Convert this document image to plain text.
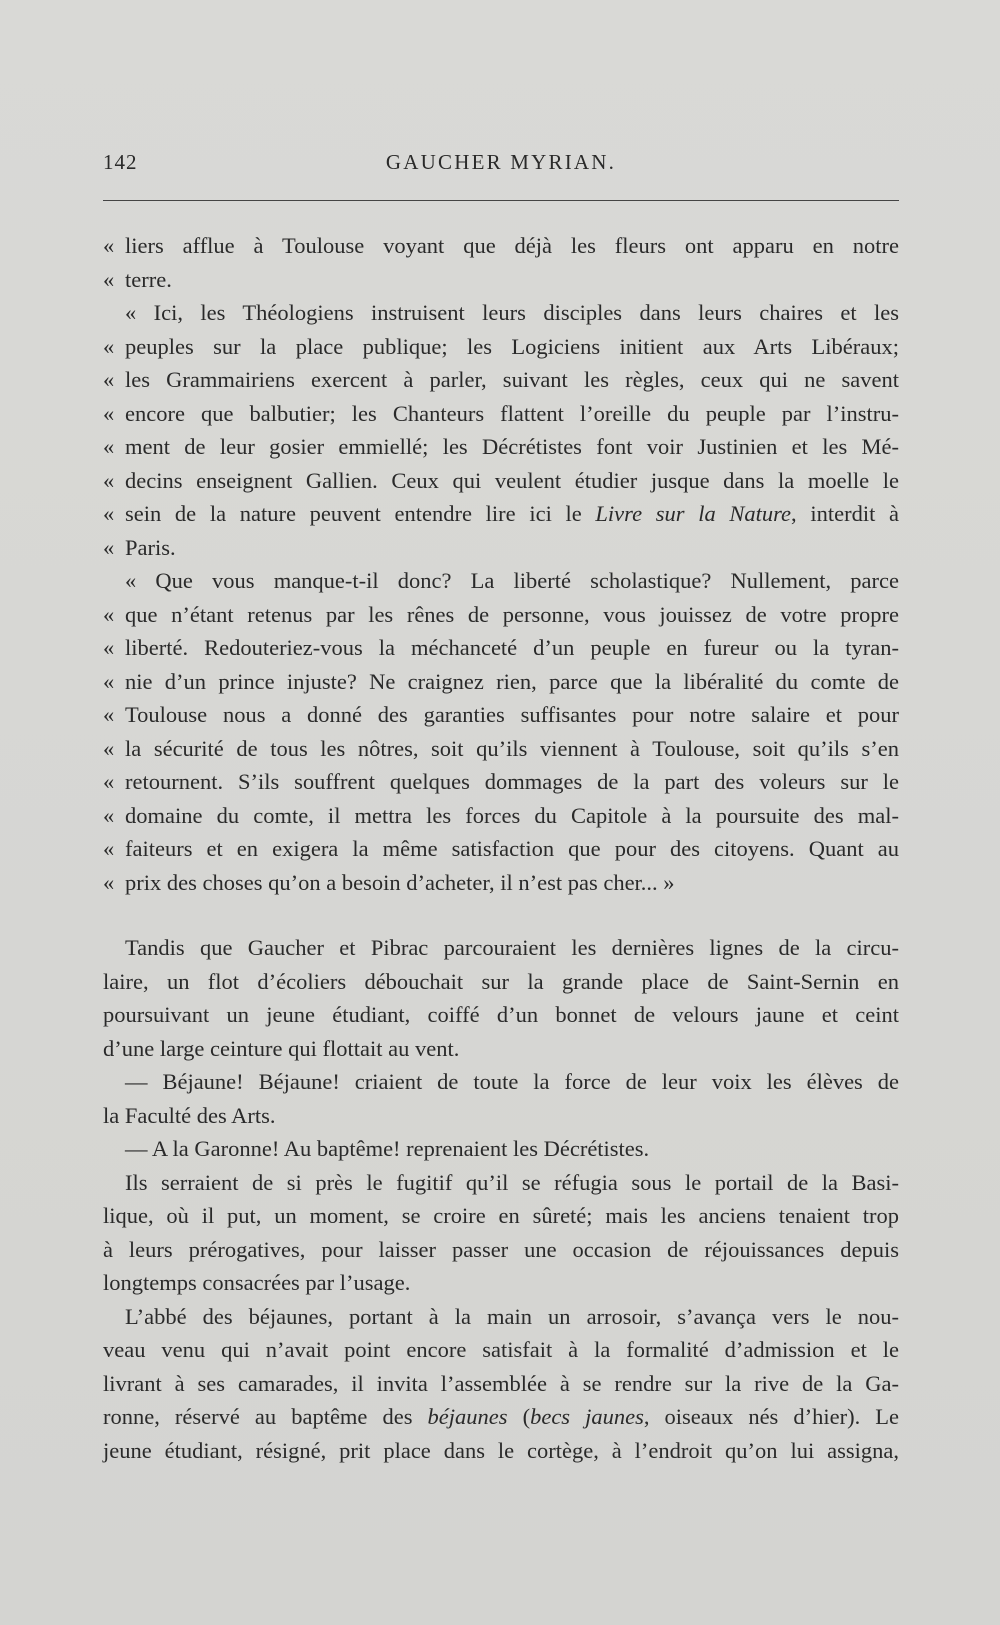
142	GAUCHER MYRIAN.
« liers afflue à Toulouse voyant que déjà les fleurs ont apparu en notre
« terre.
« Ici, les Théologiens instruisent leurs disciples dans leurs chaires et les
« peuples sur la place publique; les Logiciens initient aux Arts Libéraux;
« les Grammairiens exercent à parler, suivant les règles, ceux qui ne savent
« encore que balbutier; les Chanteurs flattent l’oreille du peuple par l’instru-
« ment de leur gosier emmiellé; les Décrétistes font voir Justinien et les Mé-
« decins enseignent Gallien. Ceux qui veulent étudier jusque dans la moelle le
« sein de la nature peuvent entendre lire ici le Livre sur la Nature, interdit à
« Paris.
« Que vous manque-t-il donc? La liberté scholastique? Nullement, parce
« que n’étant retenus par les rênes de personne, vous jouissez de votre propre
« liberté. Redouteriez-vous la méchanceté d’un peuple en fureur ou la tyran-
« nie d’un prince injuste? Ne craignez rien, parce que la libéralité du comte de
« Toulouse nous a donné des garanties suffisantes pour notre salaire et pour
« la sécurité de tous les nôtres, soit qu’ils viennent à Toulouse, soit qu’ils s’en
« retournent. S’ils souffrent quelques dommages de la part des voleurs sur le
« domaine du comte, il mettra les forces du Capitole à la poursuite des mal-
« faiteurs et en exigera la même satisfaction que pour des citoyens. Quant au
« prix des choses qu’on a besoin d’acheter, il n’est pas cher... »
Tandis que Gaucher et Pibrac parcouraient les dernières lignes de la circu-
laire, un flot d’écoliers débouchait sur la grande place de Saint-Sernin en
poursuivant un jeune étudiant, coiffé d’un bonnet de velours jaune et ceint
d’une large ceinture qui flottait au vent.
— Béjaune! Béjaune! criaient de toute la force de leur voix les élèves de
la Faculté des Arts.
— A la Garonne! Au baptême! reprenaient les Décrétistes.
Ils serraient de si près le fugitif qu’il se réfugia sous le portail de la Basi-
lique, où il put, un moment, se croire en sûreté; mais les anciens tenaient trop
à leurs prérogatives, pour laisser passer une occasion de réjouissances depuis
longtemps consacrées par l’usage.
L’abbé des béjaunes, portant à la main un arrosoir, s’avança vers le nou-
veau venu qui n’avait point encore satisfait à la formalité d’admission et le
livrant à ses camarades, il invita l’assemblée à se rendre sur la rive de la Ga-
ronne, réservé au baptême des béjaunes (becs jaunes, oiseaux nés d’hier). Le
jeune étudiant, résigné, prit place dans le cortège, à l’endroit qu’on lui assigna,
